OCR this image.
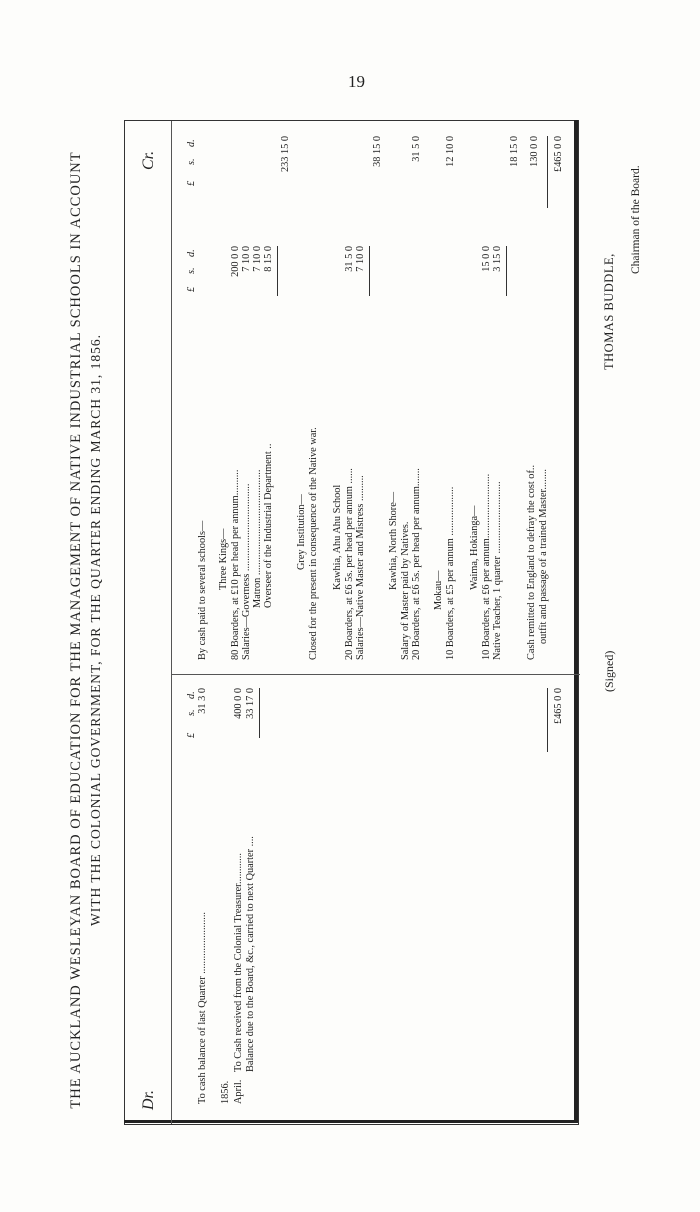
19
THE AUCKLAND WESLEYAN BOARD OF EDUCATION FOR THE MANAGEMENT OF NATIVE INDUSTRIAL SCHOOLS IN ACCOUNT WITH THE COLONIAL GOVERNMENT, FOR THE QUARTER ENDING MARCH 31, 1856.
Dr.
Cr.
£
s.
d.
To cash balance of last Quarter ........................
31 3 0
1856. April.
To Cash received from the Colonial Treasurer............
400 0 0
Balance due to the Board, &c., carried to next Quarter ....
33 17 0	£465 0 0
£
s.
d.
£
s.
d.
By cash paid to several schools— Three Kings— 80 Boarders, at £10 per head per annum..........
200 0 0
Salaries—Governess ..................................
7 10 0
Matron .........................................
7 10 0
Overseer of the Industrial Department ..
8 15 0
233 15 0
Grey Institution— Closed for the present in consequence of the Native war. Kawhia, Ahu Ahu School 20 Boarders, at £6 5s. per head per annum ......
31 5 0
Salaries—Native Master and Mistress ..........
7 10 0
38 15 0
Kawhia, North Shore— Salary of Master paid by Natives. 20 Boarders, at £6 5s. per head per annum.......
31 5 0
Mokau— 10 Boarders, at £5 per annum ...................
12 10 0
Waima, Hokianga— 10 Boarders, at £6 per annum.........................
15 0 0
Native Teacher, 1 quarter ............................
3 15 0
18 15 0
Cash remitted to England to defray the cost of.. outfit and passage of a trained Master........
130 0 0 £465 0 0
(Signed)
THOMAS BUDDLE,
Chairman of the Board.
